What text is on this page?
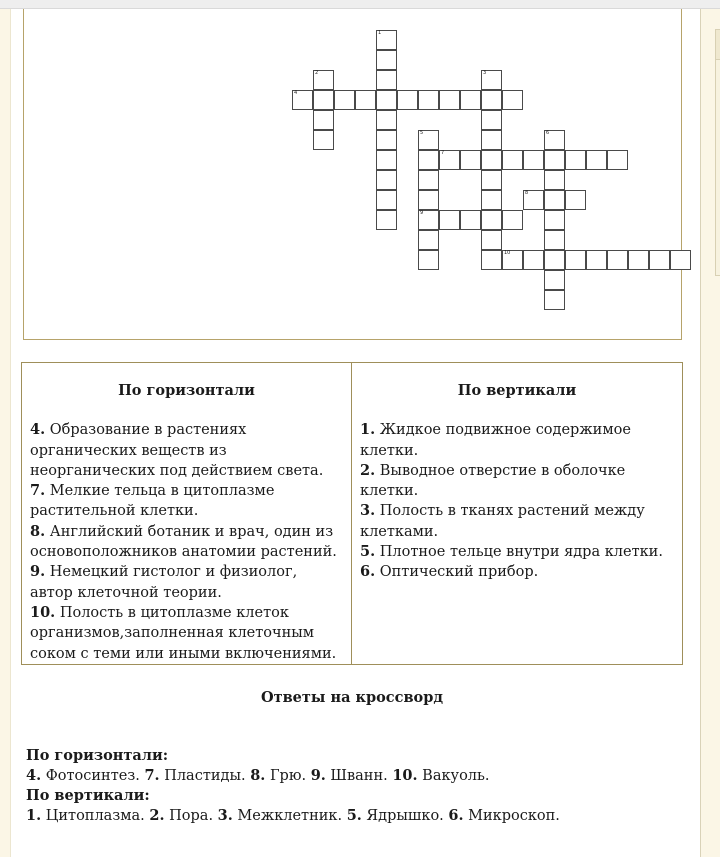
1
2
4
3
5
9
7
6
8
10
По горизонтали

4. Образование в растениях органических веществ из неорганических под действием света.

7. Мелкие тельца в цитоплазме растительной клетки.

8. Английский ботаник и врач, один из основоположников анатомии растений.

9. Немецкий гистолог и физиолог, автор клеточной теории.

10. Полость в цитоплазме клеток организмов,заполненная клеточным соком с теми или иными включениями.

По вертикали

1. Жидкое подвижное содержимое клетки.

2. Выводное отверстие в оболочке клетки.

3. Полость в тканях растений между клетками.

5. Плотное тельце внутри ядра клетки.

6. Оптический прибор.

Ответы на кроссворд
По горизонтали:
4. Фотосинтез. 7. Пластиды. 8. Грю. 9. Шванн. 10. Вакуоль.
По вертикали:
1. Цитоплазма. 2. Пора. 3. Межклетник. 5. Ядрышко. 6. Микроскоп.
